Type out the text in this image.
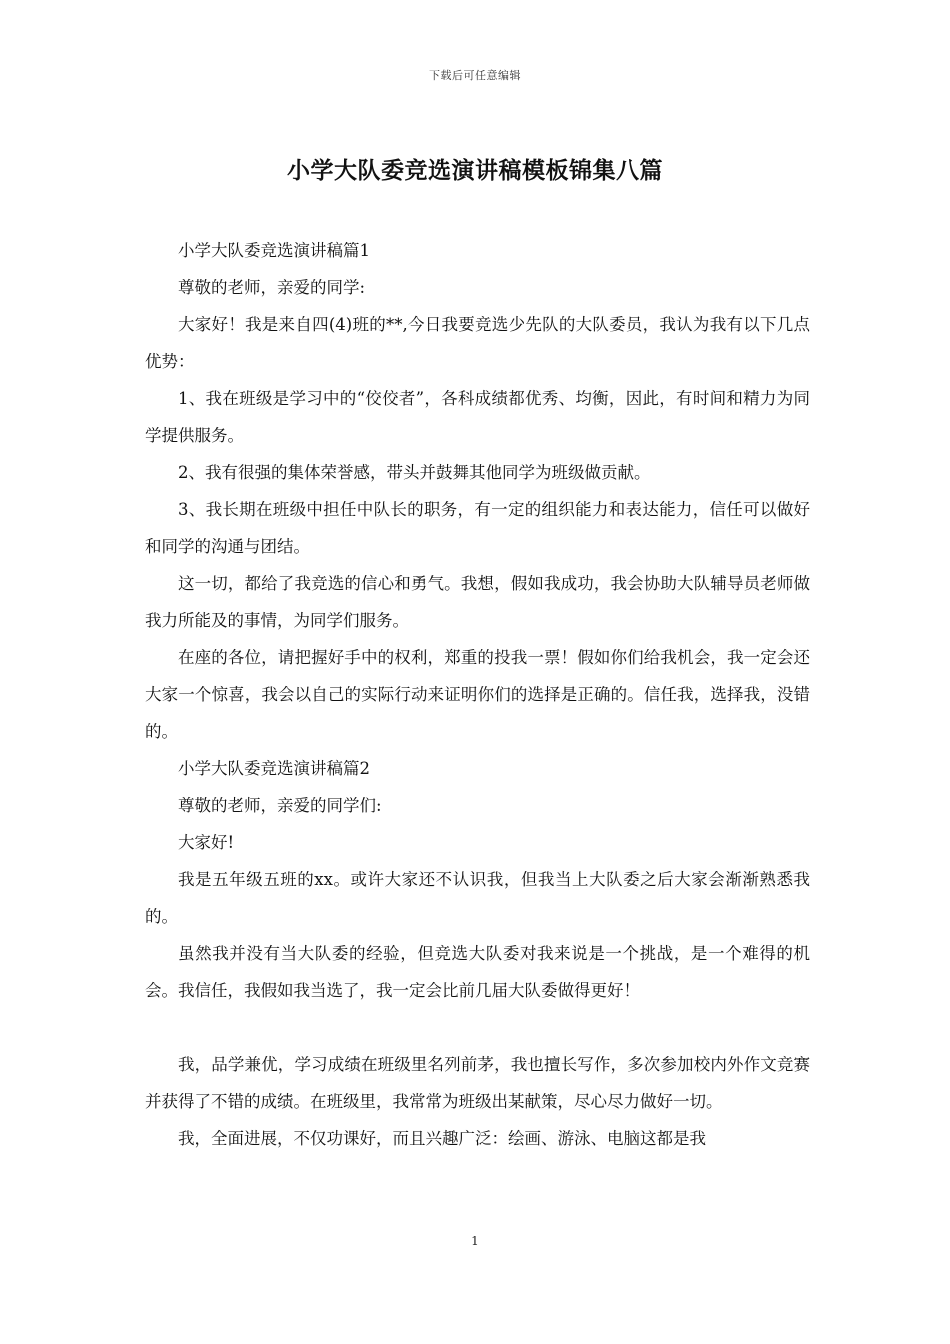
下载后可任意编辑
小学大队委竞选演讲稿模板锦集八篇

小学大队委竞选演讲稿篇1

尊敬的老师，亲爱的同学:

大家好！我是来自四(4)班的**,今日我要竞选少先队的大队委员，我认为我有以下几点优势：

1、我在班级是学习中的“佼佼者”，各科成绩都优秀、均衡，因此，有时间和精力为同学提供服务。

2、我有很强的集体荣誉感，带头并鼓舞其他同学为班级做贡献。

3、我长期在班级中担任中队长的职务，有一定的组织能力和表达能力，信任可以做好和同学的沟通与团结。

这一切，都给了我竞选的信心和勇气。我想，假如我成功，我会协助大队辅导员老师做我力所能及的事情，为同学们服务。

在座的各位，请把握好手中的权利，郑重的投我一票！假如你们给我机会，我一定会还大家一个惊喜，我会以自己的实际行动来证明你们的选择是正确的。信任我，选择我，没错的。

小学大队委竞选演讲稿篇2

尊敬的老师，亲爱的同学们:

大家好!

我是五年级五班的xx。或许大家还不认识我，但我当上大队委之后大家会渐渐熟悉我的。

虽然我并没有当大队委的经验，但竞选大队委对我来说是一个挑战，是一个难得的机会。我信任，我假如我当选了，我一定会比前几届大队委做得更好！

我，品学兼优，学习成绩在班级里名列前茅，我也擅长写作，多次参加校内外作文竞赛并获得了不错的成绩。在班级里，我常常为班级出某献策，尽心尽力做好一切。

我，全面进展，不仅功课好，而且兴趣广泛：绘画、游泳、电脑这都是我

1
